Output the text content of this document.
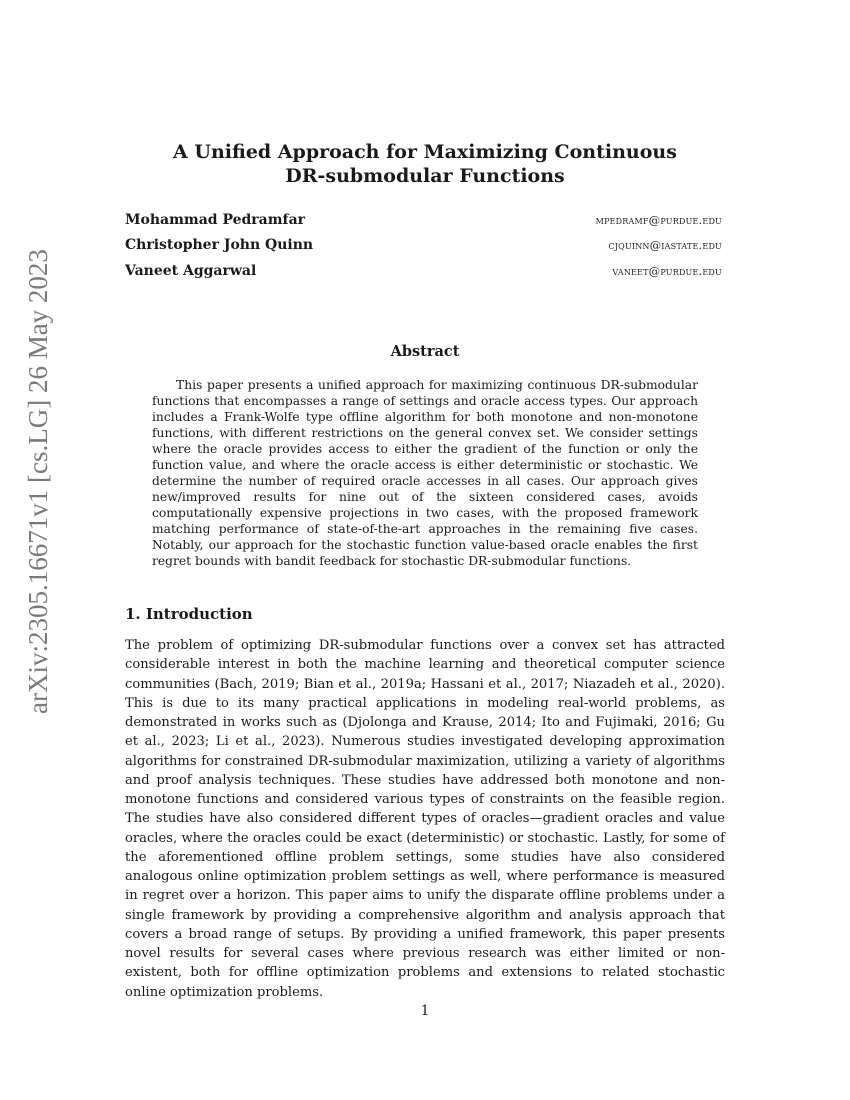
arXiv:2305.16671v1 [cs.LG] 26 May 2023
A Unified Approach for Maximizing Continuous
DR-submodular Functions
Mohammad Pedramfar	mpedramf@purdue.edu
Christopher John Quinn	cjquinn@iastate.edu
Vaneet Aggarwal	vaneet@purdue.edu
Abstract

This paper presents a unified approach for maximizing continuous DR-submodular functions that encompasses a range of settings and oracle access types. Our approach includes a Frank-Wolfe type offline algorithm for both monotone and non-monotone functions, with different restrictions on the general convex set. We consider settings where the oracle provides access to either the gradient of the function or only the function value, and where the oracle access is either deterministic or stochastic. We determine the number of required oracle accesses in all cases. Our approach gives new/improved results for nine out of the sixteen considered cases, avoids computationally expensive projections in two cases, with the proposed framework matching performance of state-of-the-art approaches in the remaining five cases. Notably, our approach for the stochastic function value-based oracle enables the first regret bounds with bandit feedback for stochastic DR-submodular functions.

1. Introduction

The problem of optimizing DR-submodular functions over a convex set has attracted considerable interest in both the machine learning and theoretical computer science communities (Bach, 2019; Bian et al., 2019a; Hassani et al., 2017; Niazadeh et al., 2020). This is due to its many practical applications in modeling real-world problems, as demonstrated in works such as (Djolonga and Krause, 2014; Ito and Fujimaki, 2016; Gu et al., 2023; Li et al., 2023). Numerous studies investigated developing approximation algorithms for constrained DR-submodular maximization, utilizing a variety of algorithms and proof analysis techniques. These studies have addressed both monotone and non-monotone functions and considered various types of constraints on the feasible region. The studies have also considered different types of oracles—gradient oracles and value oracles, where the oracles could be exact (deterministic) or stochastic. Lastly, for some of the aforementioned offline problem settings, some studies have also considered analogous online optimization problem settings as well, where performance is measured in regret over a horizon. This paper aims to unify the disparate offline problems under a single framework by providing a comprehensive algorithm and analysis approach that covers a broad range of setups. By providing a unified framework, this paper presents novel results for several cases where previous research was either limited or non-existent, both for offline optimization problems and extensions to related stochastic online optimization problems.

1
